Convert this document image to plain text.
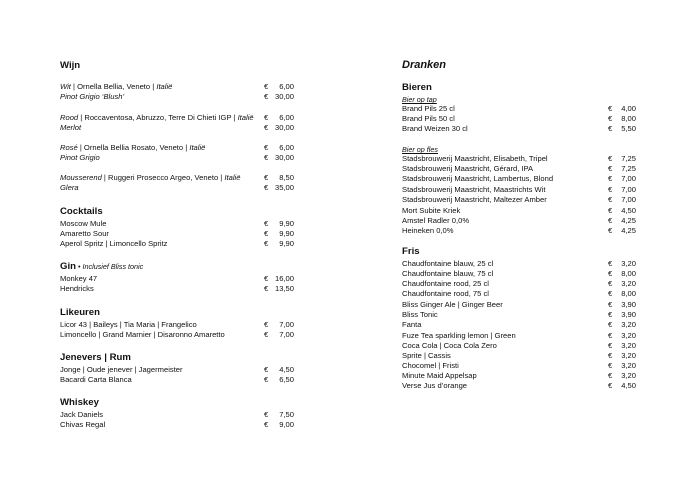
Wijn
Wit | Ornella Bellia, Veneto | Italië	€	6,00
Pinot Grigio ‘Blush’	€ 30,00
Rood | Roccaventosa, Abruzzo, Terre Di Chieti IGP | Italië €	6,00
Merlot	€ 30,00
Rosé | Ornella Bellia Rosato, Veneto | Italië	€	6,00
Pinot Grigio	€ 30,00
Mousserend | Ruggeri Prosecco Argeo, Veneto | Italië	€	8,50
Glera	€ 35,00
Cocktails
Moscow Mule	€	9,90
Amaretto Sour	€	9,90
Aperol Spritz | Limoncello Spritz	€	9,90
Gin • Inclusief Bliss tonic
Monkey 47	€ 16,00
Hendricks	€ 13,50
Likeuren
Licor 43 | Baileys | Tia Maria | Frangelico	€	7,00
Limoncello | Grand Marnier | Disaronno Amaretto	€	7,00
Jenevers | Rum
Jonge | Oude jenever | Jagermeister	€	4,50
Bacardi Carta Blanca	€	6,50
Whiskey
Jack Daniels	€	7,50
Chivas Regal	€	9,00
Dranken
Bieren
Bier op tap
Brand Pils 25 cl	€	4,00
Brand Pils 50 cl	€	8,00
Brand Weizen 30 cl	€	5,50
Bier op fles
Stadsbrouwerij Maastricht, Elisabeth, Tripel	€	7,25
Stadsbrouwerij Maastricht, Gérard, IPA	€	7,25
Stadsbrouwerij Maastricht, Lambertus, Blond	€	7,00
Stadsbrouwerij Maastricht, Maastrichts Wit	€	7,00
Stadsbrouwerij Maastricht, Maltezer Amber	€	7,00
Mort Subite Kriek	€	4,50
Amstel Radler 0,0%	€	4,25
Heineken 0,0%	€	4,25
Fris
Chaudfontaine blauw, 25 cl	€	3,20
Chaudfontaine blauw, 75 cl	€	8,00
Chaudfontaine rood, 25 cl	€	3,20
Chaudfontaine rood, 75 cl	€	8,00
Bliss Ginger Ale | Ginger Beer	€	3,90
Bliss Tonic	€	3,90
Fanta	€	3,20
Fuze Tea sparkling lemon | Green	€	3,20
Coca Cola | Coca Cola Zero	€	3,20
Sprite | Cassis	€	3,20
Chocomel | Fristi	€	3,20
Minute Maid Appelsap	€	3,20
Verse Jus d’orange	€	4,50
